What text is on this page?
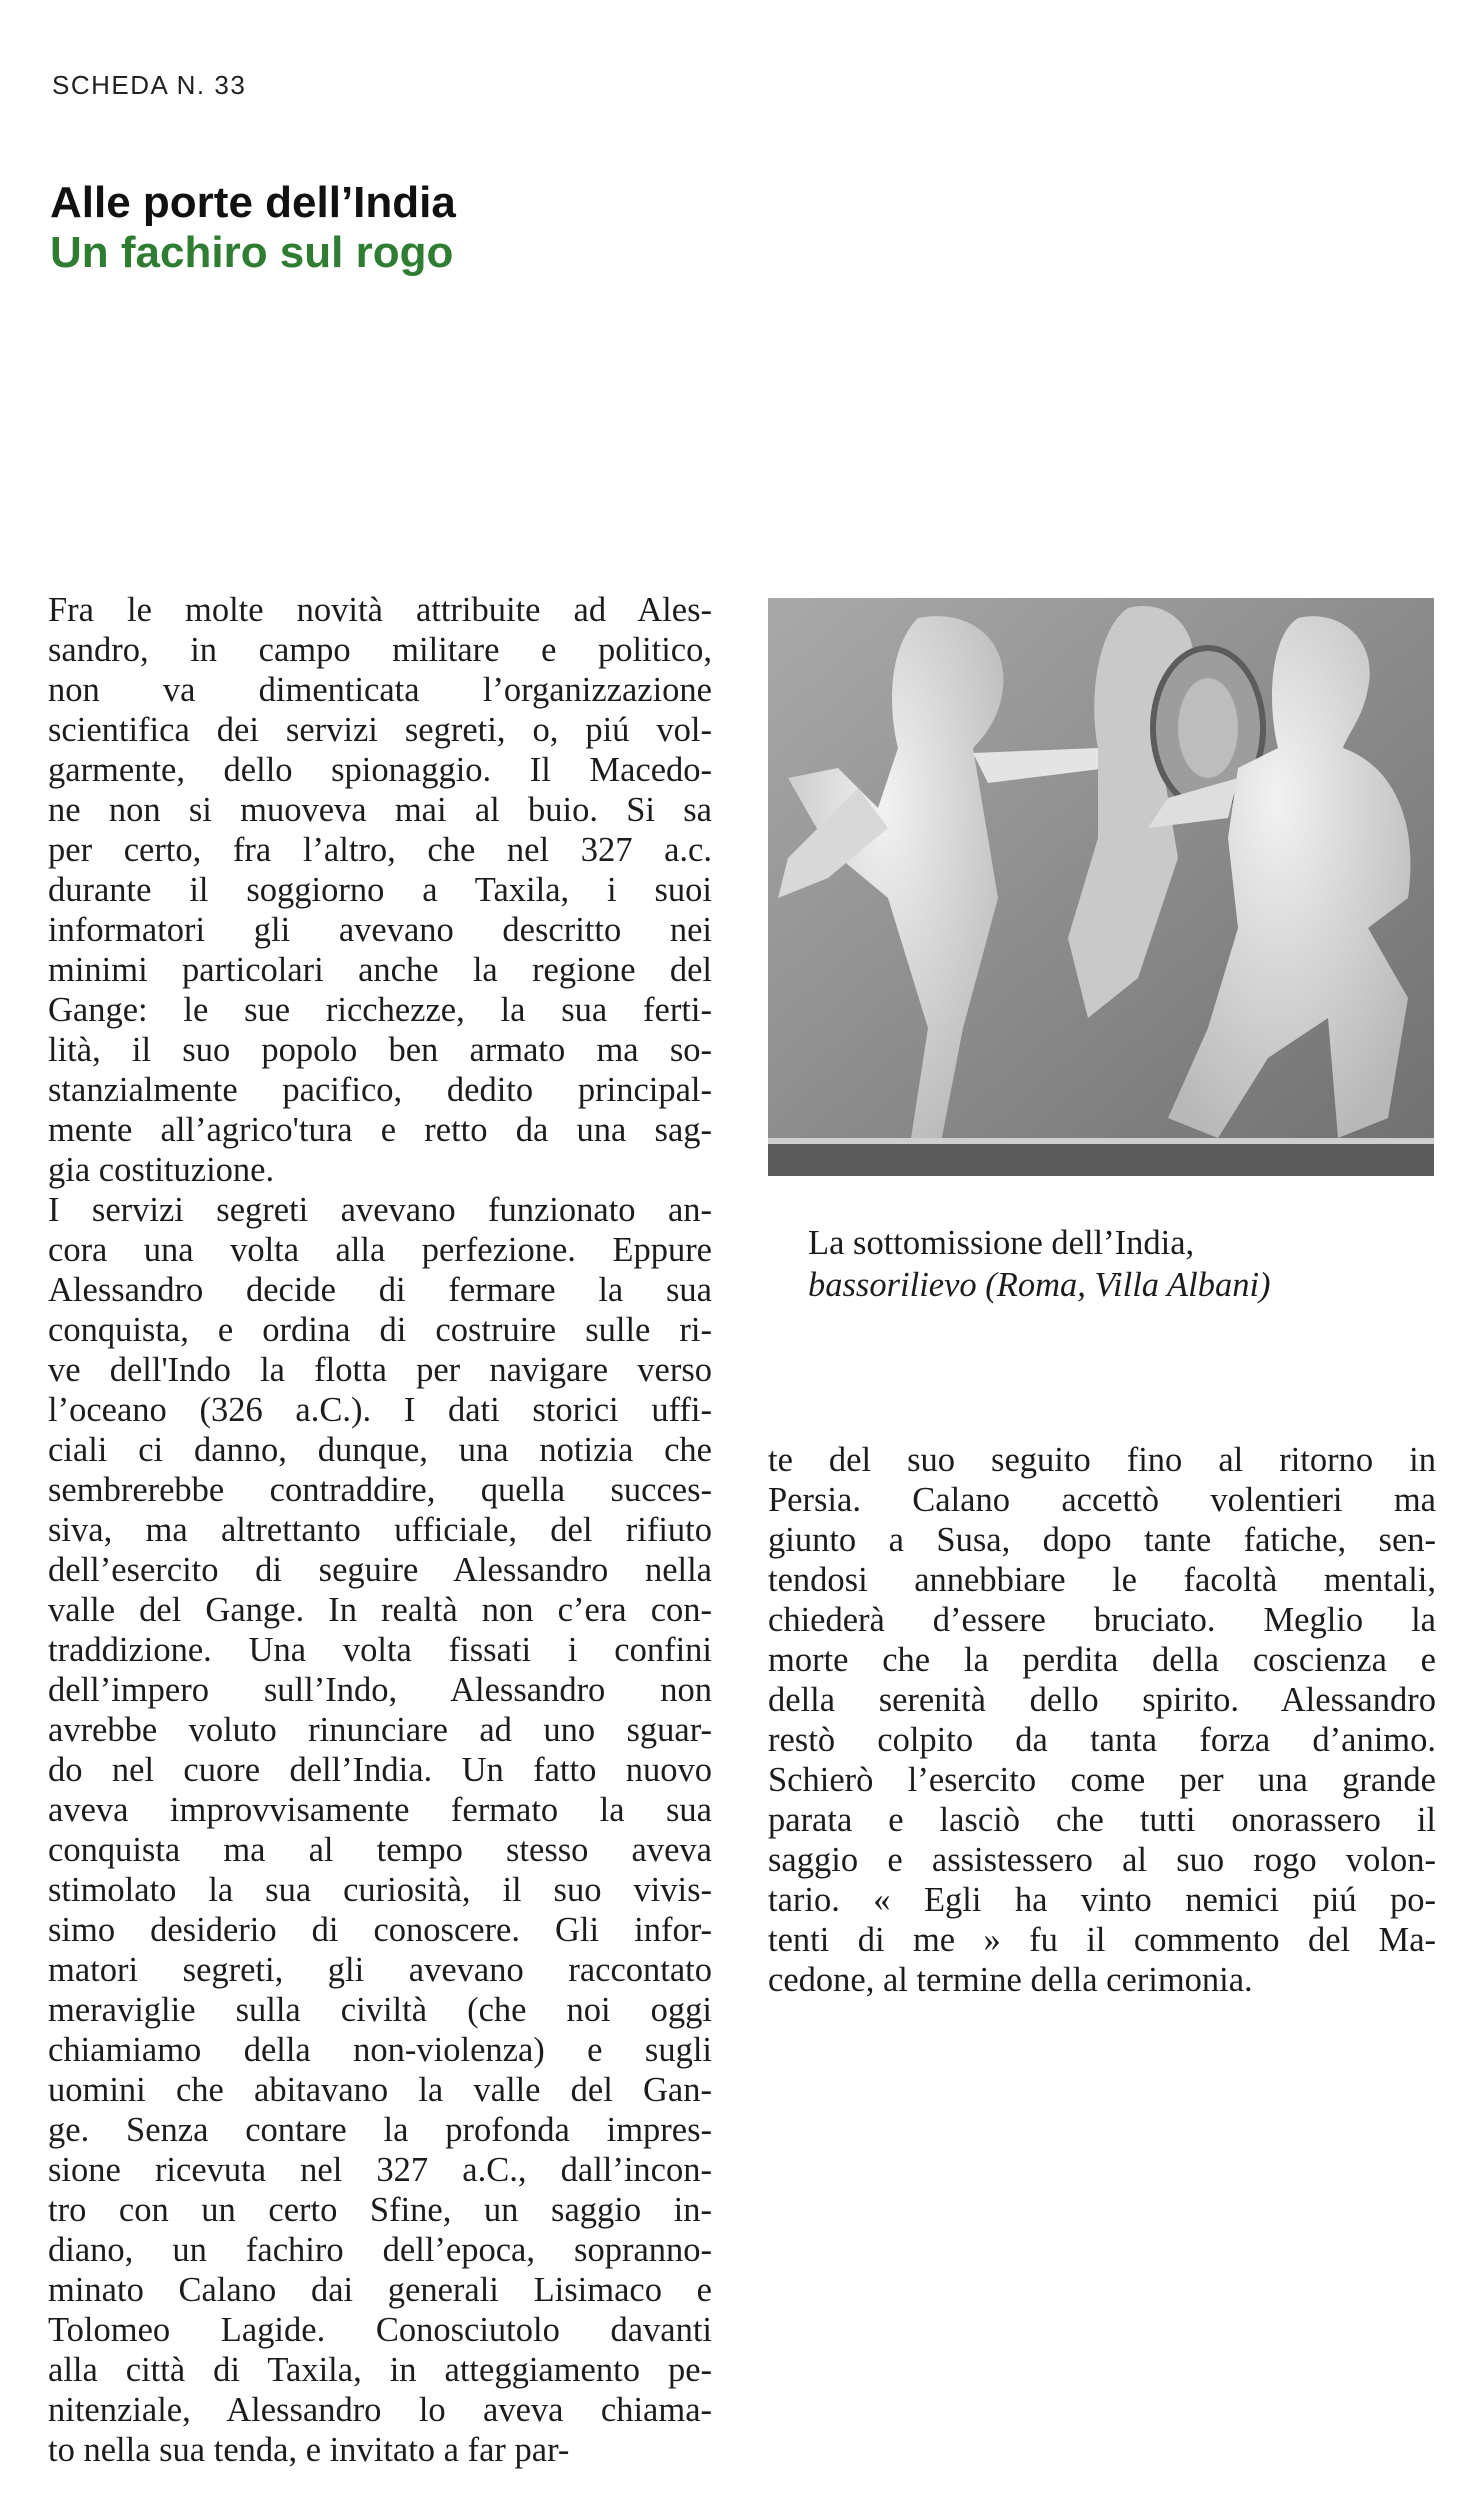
SCHEDA N. 33
Alle porte dell’India
Un fachiro sul rogo
Fra le molte novità attribuite ad Ales-
sandro, in campo militare e politico,
non va dimenticata l’organizzazione
scientifica dei servizi segreti, o, piú vol-
garmente, dello spionaggio. Il Macedo-
ne non si muoveva mai al buio. Si sa
per certo, fra l’altro, che nel 327 a.c.
durante il soggiorno a Taxila, i suoi
informatori gli avevano descritto nei
minimi particolari anche la regione del
Gange: le sue ricchezze, la sua ferti-
lità, il suo popolo ben armato ma so-
stanzialmente pacifico, dedito principal-
mente all’agrico'tura e retto da una sag-
gia costituzione.
I servizi segreti avevano funzionato an-
cora una volta alla perfezione. Eppure
Alessandro decide di fermare la sua
conquista, e ordina di costruire sulle ri-
ve dell'Indo la flotta per navigare verso
l’oceano (326 a.C.). I dati storici uffi-
ciali ci danno, dunque, una notizia che
sembrerebbe contraddire, quella succes-
siva, ma altrettanto ufficiale, del rifiuto
dell’esercito di seguire Alessandro nella
valle del Gange. In realtà non c’era con-
traddizione. Una volta fissati i confini
dell’impero sull’Indo, Alessandro non
avrebbe voluto rinunciare ad uno sguar-
do nel cuore dell’India. Un fatto nuovo
aveva improvvisamente fermato la sua
conquista ma al tempo stesso aveva
stimolato la sua curiosità, il suo vivis-
simo desiderio di conoscere. Gli infor-
matori segreti, gli avevano raccontato
meraviglie sulla civiltà (che noi oggi
chiamiamo della non-violenza) e sugli
uomini che abitavano la valle del Gan-
ge. Senza contare la profonda impres-
sione ricevuta nel 327 a.C., dall’incon-
tro con un certo Sfine, un saggio in-
diano, un fachiro dell’epoca, soprannо-
minato Calano dai generali Lisimaco e
Tolomeo Lagide. Conosciutolo davanti
alla città di Taxila, in atteggiamento pe-
nitenziale, Alessandro lo aveva chiama-
to nella sua tenda, e invitato a far par-
La sottomissione dell’India,
bassorilievo (Roma, Villa Albani)
te del suo seguito fino al ritorno in
Persia. Calano accettò volentieri ma
giunto a Susa, dopo tante fatiche, sen-
tendosi annebbiare le facoltà mentali,
chiederà d’essere bruciato. Meglio la
morte che la perdita della coscienza e
della serenità dello spirito. Alessandro
restò colpito da tanta forza d’animo.
Schierò l’esercito come per una grande
parata e lasciò che tutti onorassero il
saggio e assistessero al suo rogo volon-
tario. « Egli ha vinto nemici piú po-
tenti di me » fu il commento del Ma-
cedone, al termine della cerimonia.
